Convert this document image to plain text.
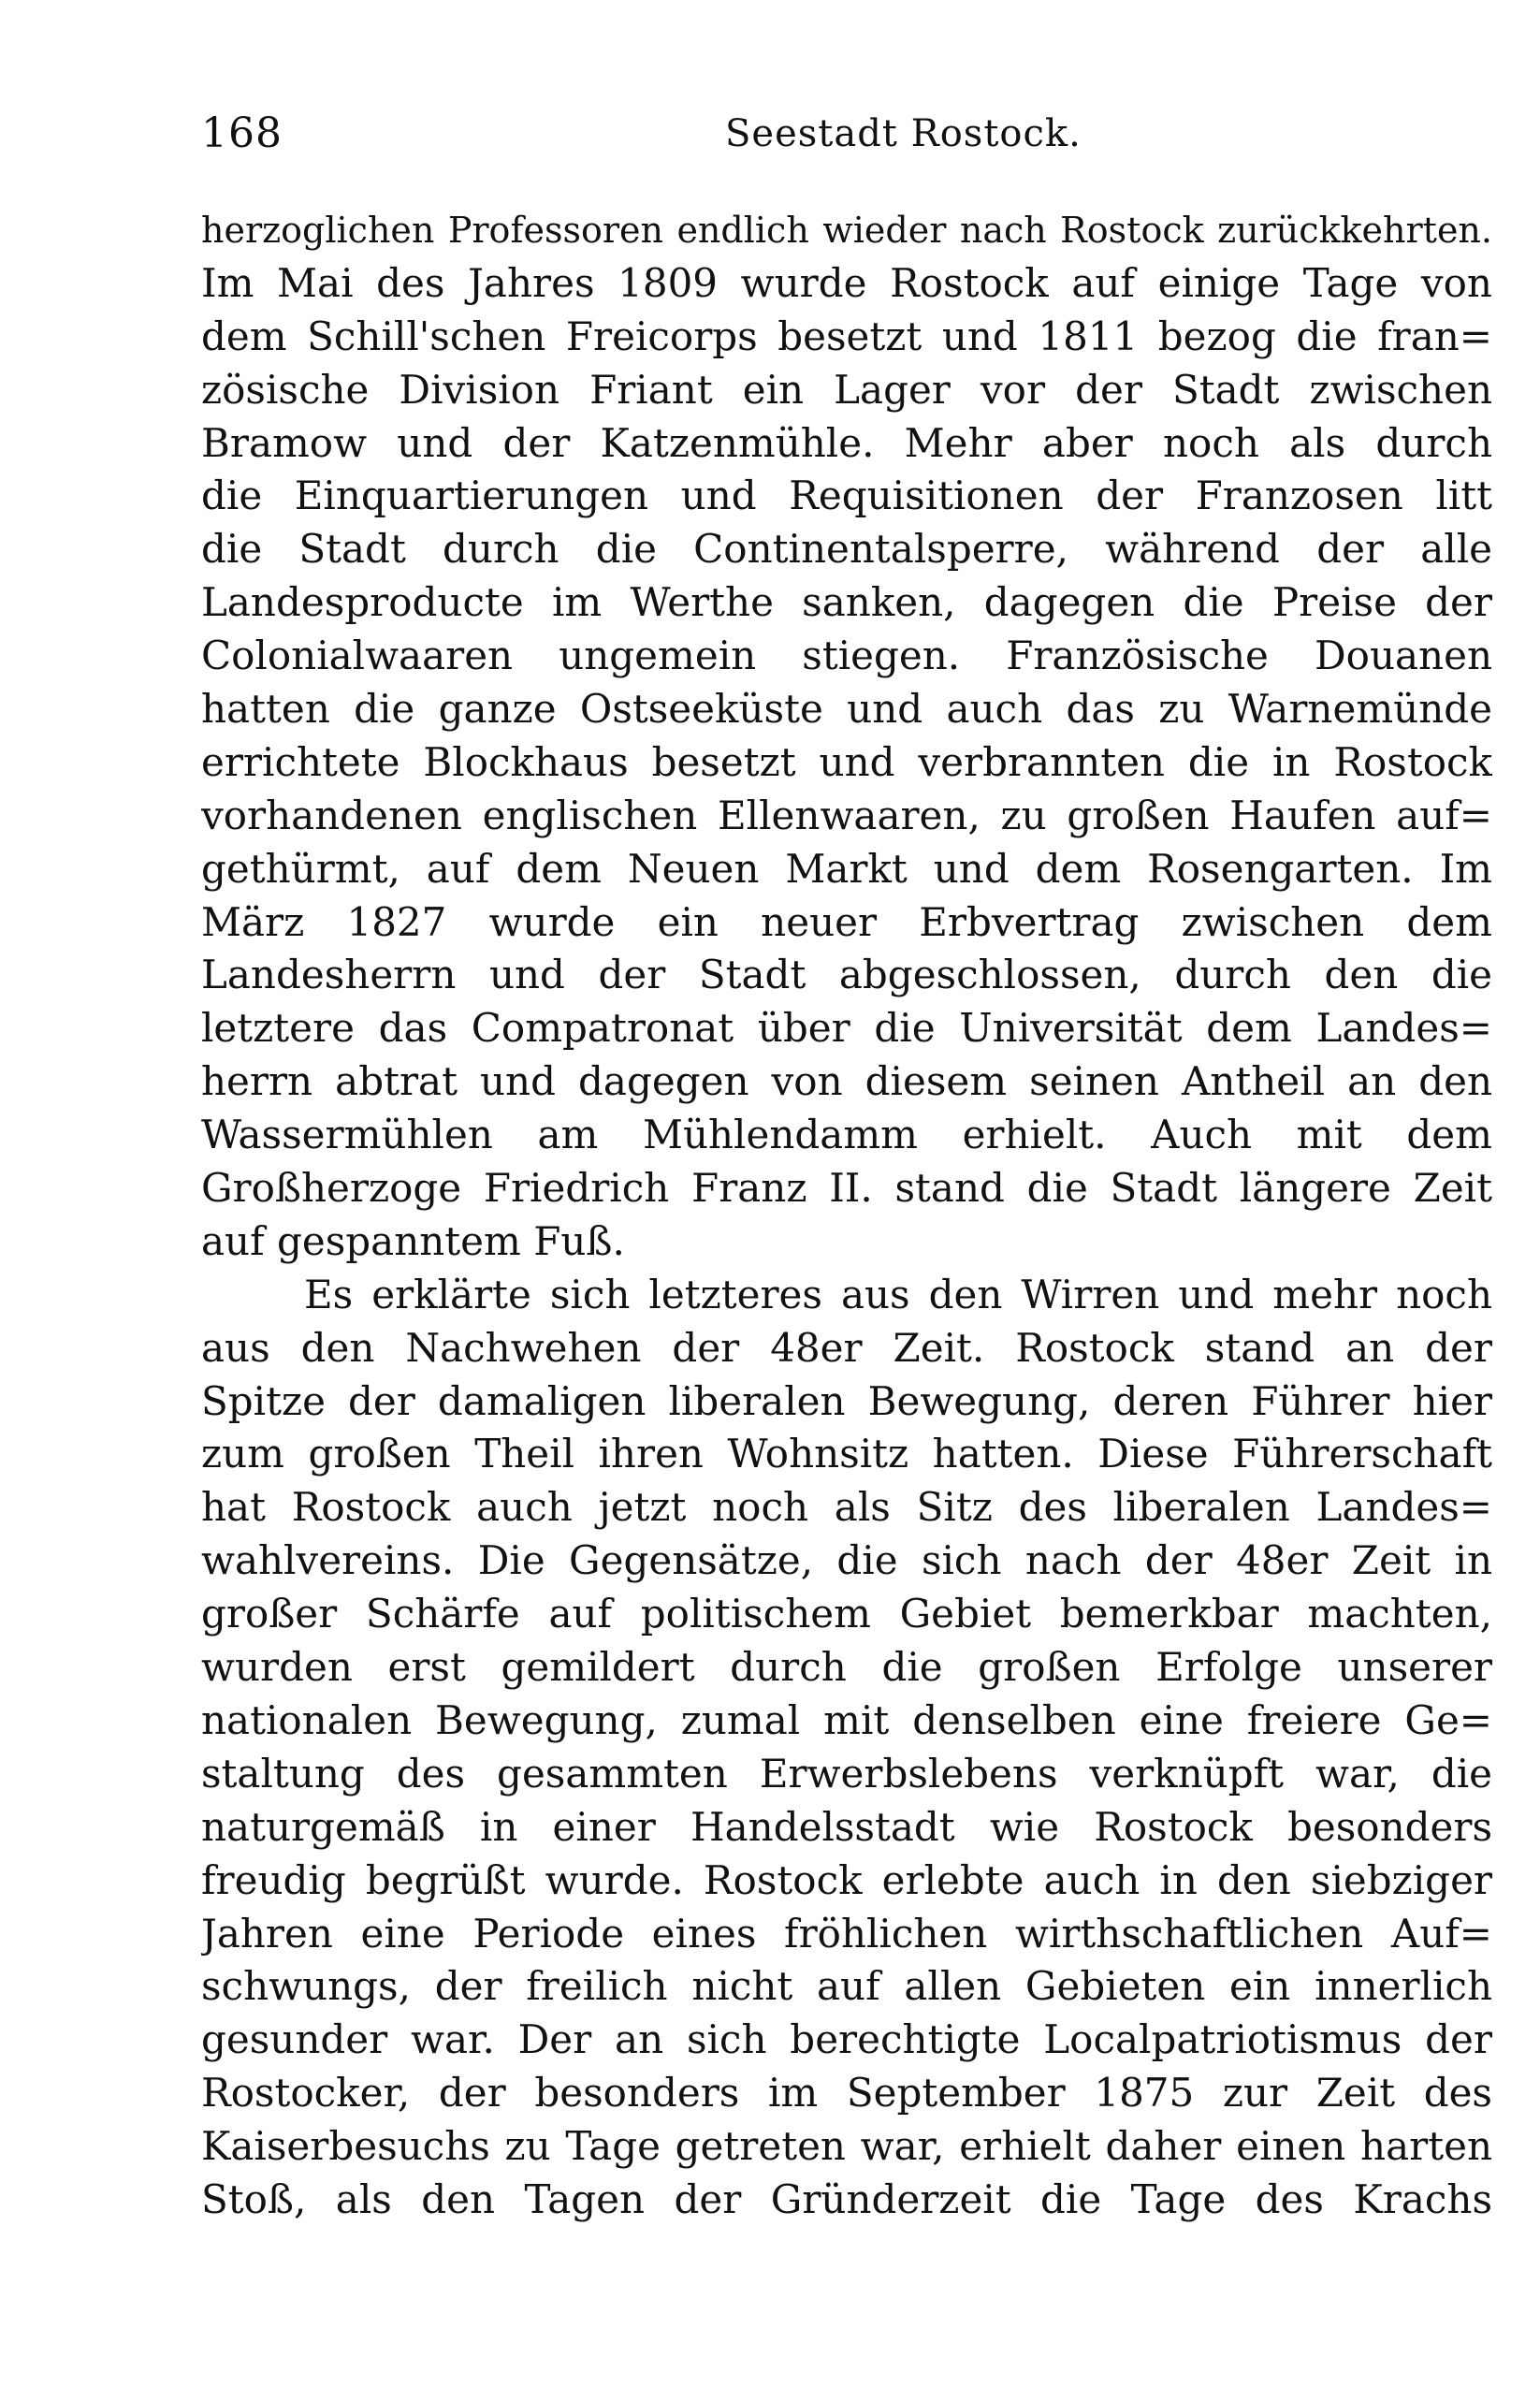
168	Seestadt Rostock.
herzoglichen Professoren endlich wieder nach Rostock zurückkehrten.
Im Mai des Jahres 1809 wurde Rostock auf einige Tage von
dem Schill'schen Freicorps besetzt und 1811 bezog die fran=
zösische Division Friant ein Lager vor der Stadt zwischen
Bramow und der Katzenmühle. Mehr aber noch als durch
die Einquartierungen und Requisitionen der Franzosen litt
die Stadt durch die Continentalsperre, während der alle
Landesproducte im Werthe sanken, dagegen die Preise der
Colonialwaaren ungemein stiegen. Französische Douanen
hatten die ganze Ostseeküste und auch das zu Warnemünde
errichtete Blockhaus besetzt und verbrannten die in Rostock
vorhandenen englischen Ellenwaaren, zu großen Haufen auf=
gethürmt, auf dem Neuen Markt und dem Rosengarten. Im
März 1827 wurde ein neuer Erbvertrag zwischen dem
Landesherrn und der Stadt abgeschlossen, durch den die
letztere das Compatronat über die Universität dem Landes=
herrn abtrat und dagegen von diesem seinen Antheil an den
Wassermühlen am Mühlendamm erhielt. Auch mit dem
Großherzoge Friedrich Franz II. stand die Stadt längere Zeit
auf gespanntem Fuß.
Es erklärte sich letzteres aus den Wirren und mehr noch
aus den Nachwehen der 48er Zeit. Rostock stand an der
Spitze der damaligen liberalen Bewegung, deren Führer hier
zum großen Theil ihren Wohnsitz hatten. Diese Führerschaft
hat Rostock auch jetzt noch als Sitz des liberalen Landes=
wahlvereins. Die Gegensätze, die sich nach der 48er Zeit in
großer Schärfe auf politischem Gebiet bemerkbar machten,
wurden erst gemildert durch die großen Erfolge unserer
nationalen Bewegung, zumal mit denselben eine freiere Ge=
staltung des gesammten Erwerbslebens verknüpft war, die
naturgemäß in einer Handelsstadt wie Rostock besonders
freudig begrüßt wurde. Rostock erlebte auch in den siebziger
Jahren eine Periode eines fröhlichen wirthschaftlichen Auf=
schwungs, der freilich nicht auf allen Gebieten ein innerlich
gesunder war. Der an sich berechtigte Localpatriotismus der
Rostocker, der besonders im September 1875 zur Zeit des
Kaiserbesuchs zu Tage getreten war, erhielt daher einen harten
Stoß, als den Tagen der Gründerzeit die Tage des Krachs
